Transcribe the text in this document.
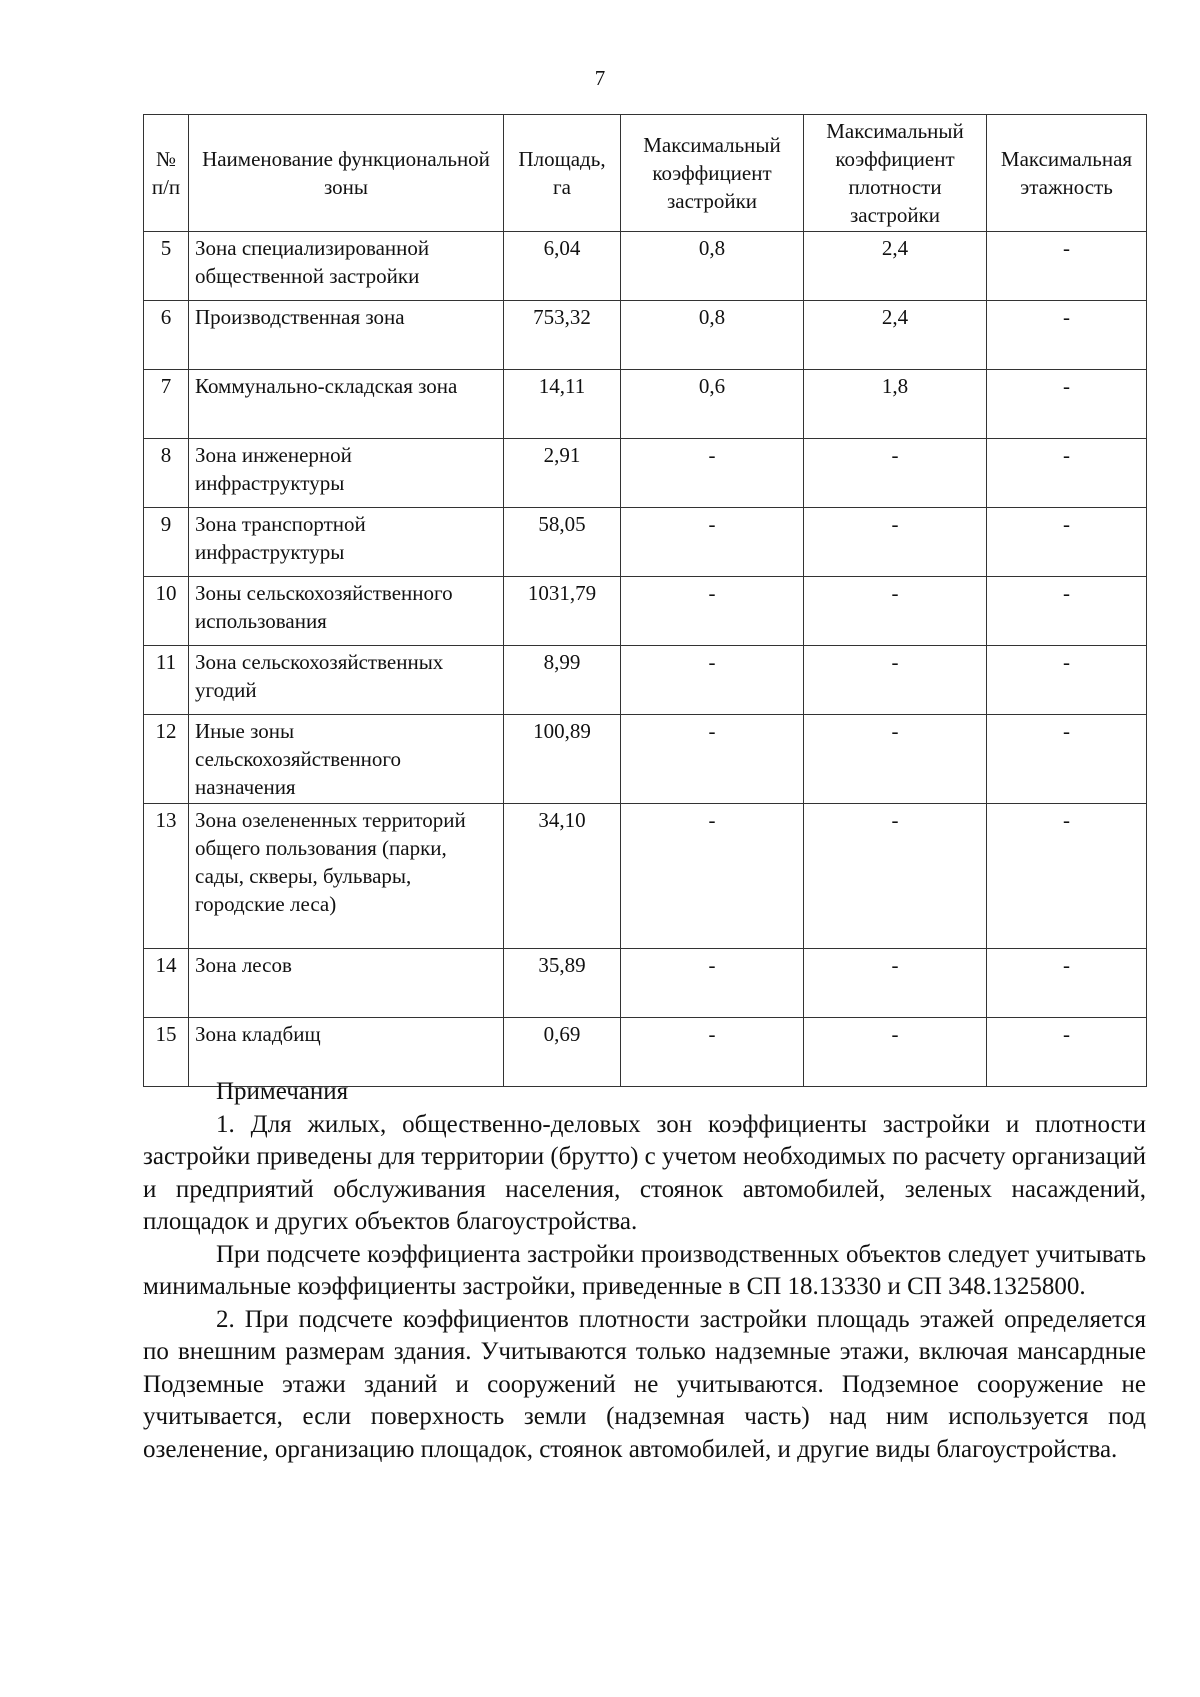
7
№ п/п	Наименование функциональной зоны	Площадь, га	Максимальный коэффициент застройки	Максимальный коэффициент плотности застройки	Максимальная этажность
5	Зона специализированной общественной застройки	6,04	0,8	2,4	-
6	Производственная зона	753,32	0,8	2,4	-
7	Коммунально-складская зона	14,11	0,6	1,8	-
8	Зона инженерной инфраструктуры	2,91	-	-	-
9	Зона транспортной инфраструктуры	58,05	-	-	-
10	Зоны сельскохозяйственного использования	1031,79	-	-	-
11	Зона сельскохозяйственных угодий	8,99	-	-	-
12	Иные зоны сельскохозяйственного назначения	100,89	-	-	-
13	Зона озелененных территорий общего пользования (парки, сады, скверы, бульвары, городские леса)	34,10	-	-	-
14	Зона лесов	35,89	-	-	-
15	Зона кладбищ	0,69	-	-	-

Примечания

1. Для жилых, общественно-деловых зон коэффициенты застройки и плотности застройки приведены для территории (брутто) с учетом необходимых по расчету организаций и предприятий обслуживания населения, стоянок автомобилей, зеленых насаждений, площадок и других объектов благоустройства.

При подсчете коэффициента застройки производственных объектов следует учитывать минимальные коэффициенты застройки, приведенные в СП 18.13330 и СП 348.1325800.

2. При подсчете коэффициентов плотности застройки площадь этажей определяется по внешним размерам здания. Учитываются только надземные этажи, включая мансардные Подземные этажи зданий и сооружений не учитываются. Подземное сооружение не учитывается, если поверхность земли (надземная часть) над ним используется под озеленение, организацию площадок, стоянок автомобилей, и другие виды благоустройства.
